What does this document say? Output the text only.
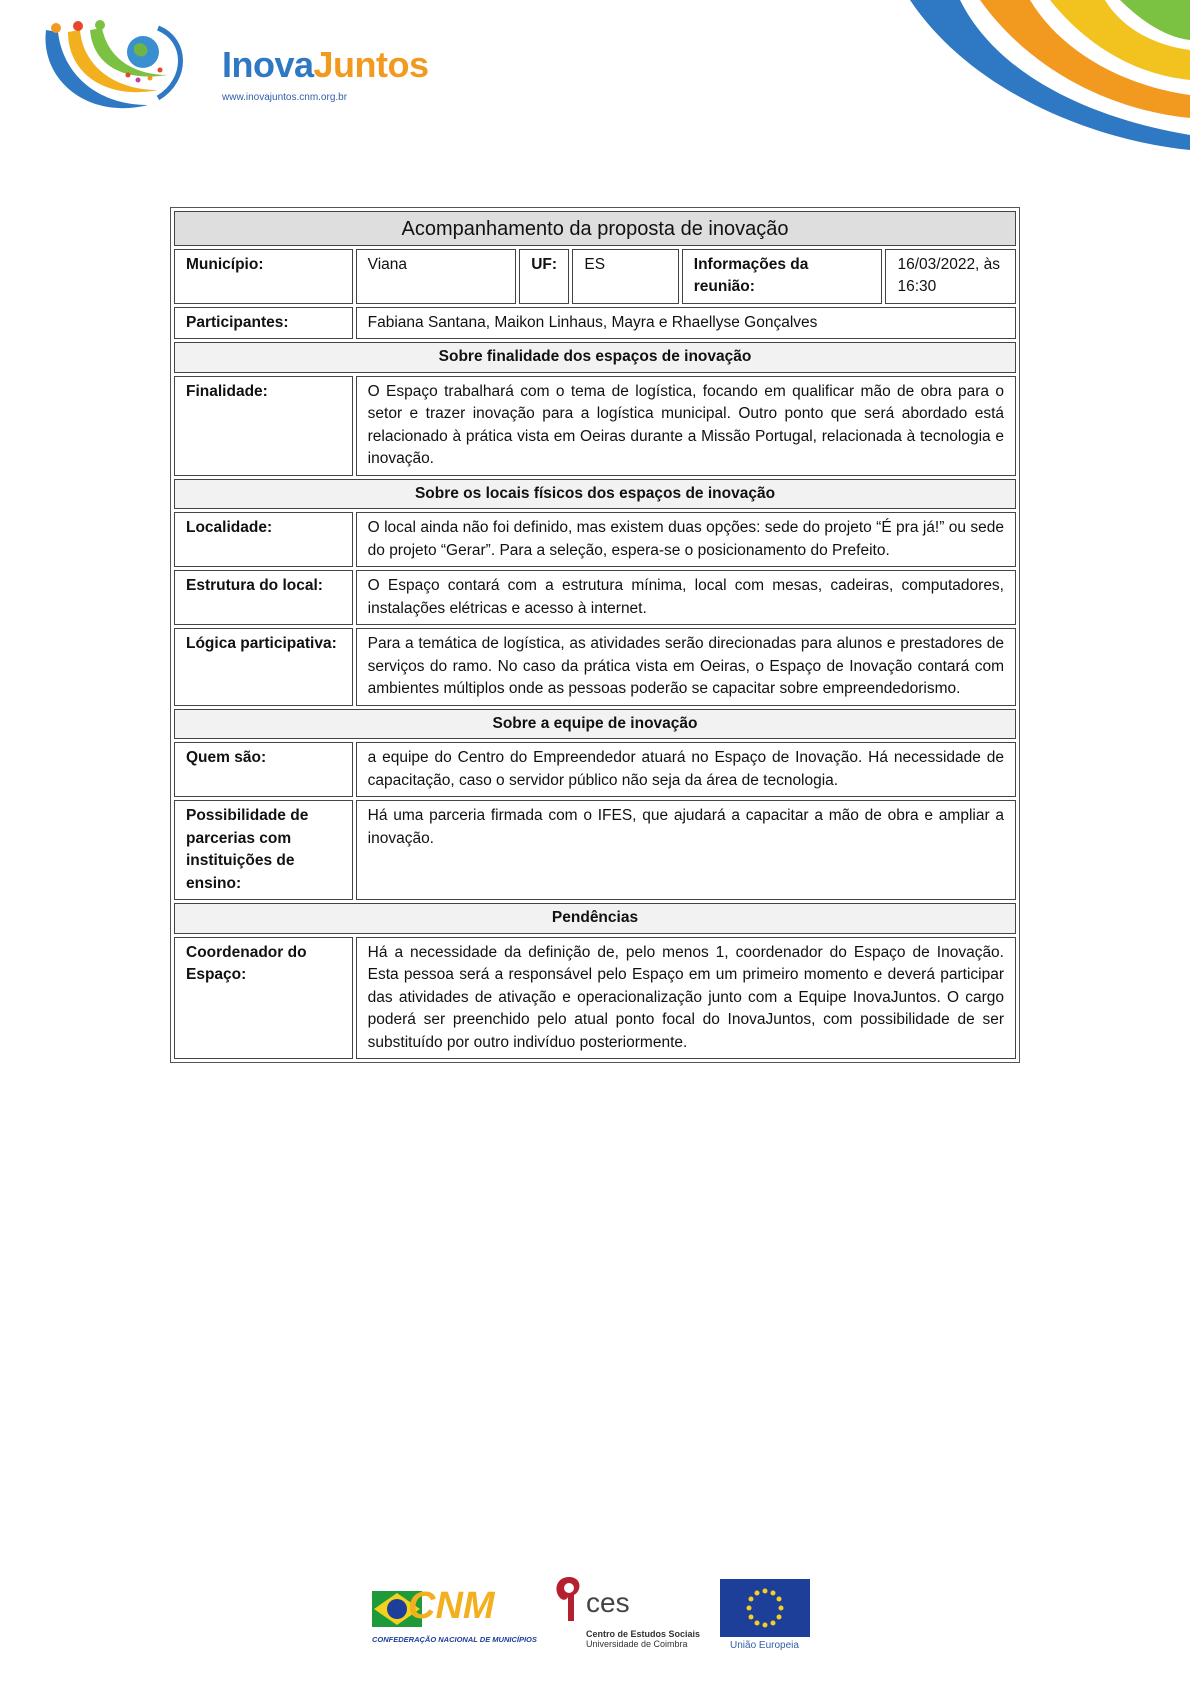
InovaJuntos
www.inovajuntos.cnm.org.br
Acompanhamento da proposta de inovação					
Município:	Viana	UF:	ES	Informações da reunião:	16/03/2022, às 16:30
Participantes:	Fabiana Santana, Maikon Linhaus, Mayra e Rhaellyse Gonçalves				
Sobre finalidade dos espaços de inovação					
Finalidade:	O Espaço trabalhará com o tema de logística, focando em qualificar mão de obra para o setor e trazer inovação para a logística municipal. Outro ponto que será abordado está relacionado à prática vista em Oeiras durante a Missão Portugal, relacionada à tecnologia e inovação.				
Sobre os locais físicos dos espaços de inovação					
Localidade:	O local ainda não foi definido, mas existem duas opções: sede do projeto “É pra já!” ou sede do projeto “Gerar”. Para a seleção, espera-se o posicionamento do Prefeito.				
Estrutura do local:	O Espaço contará com a estrutura mínima, local com mesas, cadeiras, computadores, instalações elétricas e acesso à internet.				
Lógica participativa:	Para a temática de logística, as atividades serão direcionadas para alunos e prestadores de serviços do ramo. No caso da prática vista em Oeiras, o Espaço de Inovação contará com ambientes múltiplos onde as pessoas poderão se capacitar sobre empreendedorismo.				
Sobre a equipe de inovação					
Quem são:	a equipe do Centro do Empreendedor atuará no Espaço de Inovação. Há necessidade de capacitação, caso o servidor público não seja da área de tecnologia.				
Possibilidade de parcerias com instituições de ensino:	Há uma parceria firmada com o IFES, que ajudará a capacitar a mão de obra e ampliar a inovação.				
Pendências					
Coordenador do Espaço:	Há a necessidade da definição de, pelo menos 1, coordenador do Espaço de Inovação. Esta pessoa será a responsável pelo Espaço em um primeiro momento e deverá participar das atividades de ativação e operacionalização junto com a Equipe InovaJuntos. O cargo poderá ser preenchido pelo atual ponto focal do InovaJuntos, com possibilidade de ser substituído por outro indivíduo posteriormente.				
CNM
CONFEDERAÇÃO NACIONAL DE MUNICÍPIOS
ces
Centro de Estudos Sociais
Universidade de Coimbra	União Europeia
